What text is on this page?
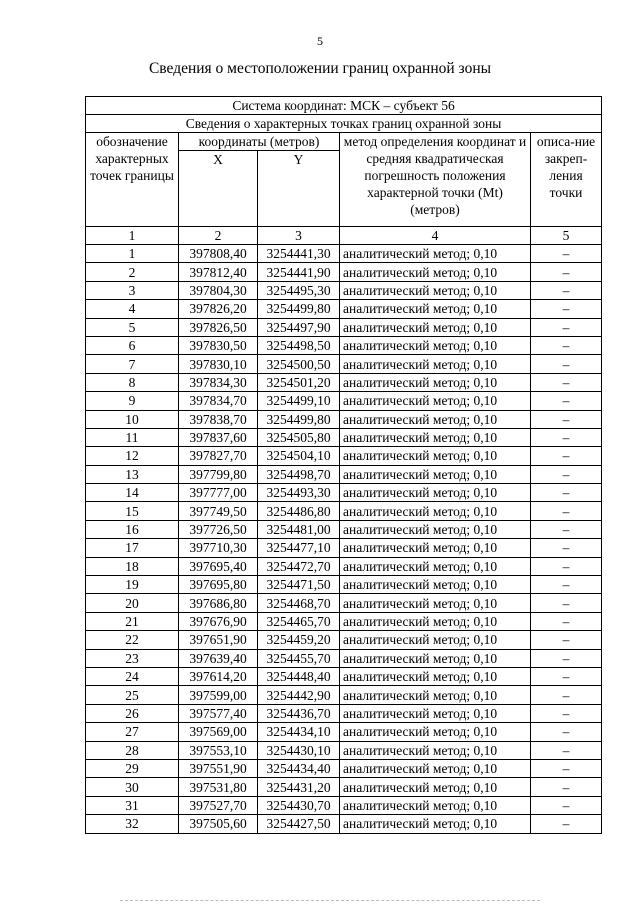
5
Сведения о местоположении границ охранной зоны
Система координат: МСК – субъект 56				
Сведения о характерных точках границ охранной зоны				
обозначение характерных точек границы	координаты (метров)		метод определения координат и средняя квадратическая погрешность положения характерной точки (Mt) (метров)	описа-ние закреп-ления точки
	X	Y		
1	2	3	4	5
1	397808,40	3254441,30	аналитический метод; 0,10	–
2	397812,40	3254441,90	аналитический метод; 0,10	–
3	397804,30	3254495,30	аналитический метод; 0,10	–
4	397826,20	3254499,80	аналитический метод; 0,10	–
5	397826,50	3254497,90	аналитический метод; 0,10	–
6	397830,50	3254498,50	аналитический метод; 0,10	–
7	397830,10	3254500,50	аналитический метод; 0,10	–
8	397834,30	3254501,20	аналитический метод; 0,10	–
9	397834,70	3254499,10	аналитический метод; 0,10	–
10	397838,70	3254499,80	аналитический метод; 0,10	–
11	397837,60	3254505,80	аналитический метод; 0,10	–
12	397827,70	3254504,10	аналитический метод; 0,10	–
13	397799,80	3254498,70	аналитический метод; 0,10	–
14	397777,00	3254493,30	аналитический метод; 0,10	–
15	397749,50	3254486,80	аналитический метод; 0,10	–
16	397726,50	3254481,00	аналитический метод; 0,10	–
17	397710,30	3254477,10	аналитический метод; 0,10	–
18	397695,40	3254472,70	аналитический метод; 0,10	–
19	397695,80	3254471,50	аналитический метод; 0,10	–
20	397686,80	3254468,70	аналитический метод; 0,10	–
21	397676,90	3254465,70	аналитический метод; 0,10	–
22	397651,90	3254459,20	аналитический метод; 0,10	–
23	397639,40	3254455,70	аналитический метод; 0,10	–
24	397614,20	3254448,40	аналитический метод; 0,10	–
25	397599,00	3254442,90	аналитический метод; 0,10	–
26	397577,40	3254436,70	аналитический метод; 0,10	–
27	397569,00	3254434,10	аналитический метод; 0,10	–
28	397553,10	3254430,10	аналитический метод; 0,10	–
29	397551,90	3254434,40	аналитический метод; 0,10	–
30	397531,80	3254431,20	аналитический метод; 0,10	–
31	397527,70	3254430,70	аналитический метод; 0,10	–
32	397505,60	3254427,50	аналитический метод; 0,10	–
